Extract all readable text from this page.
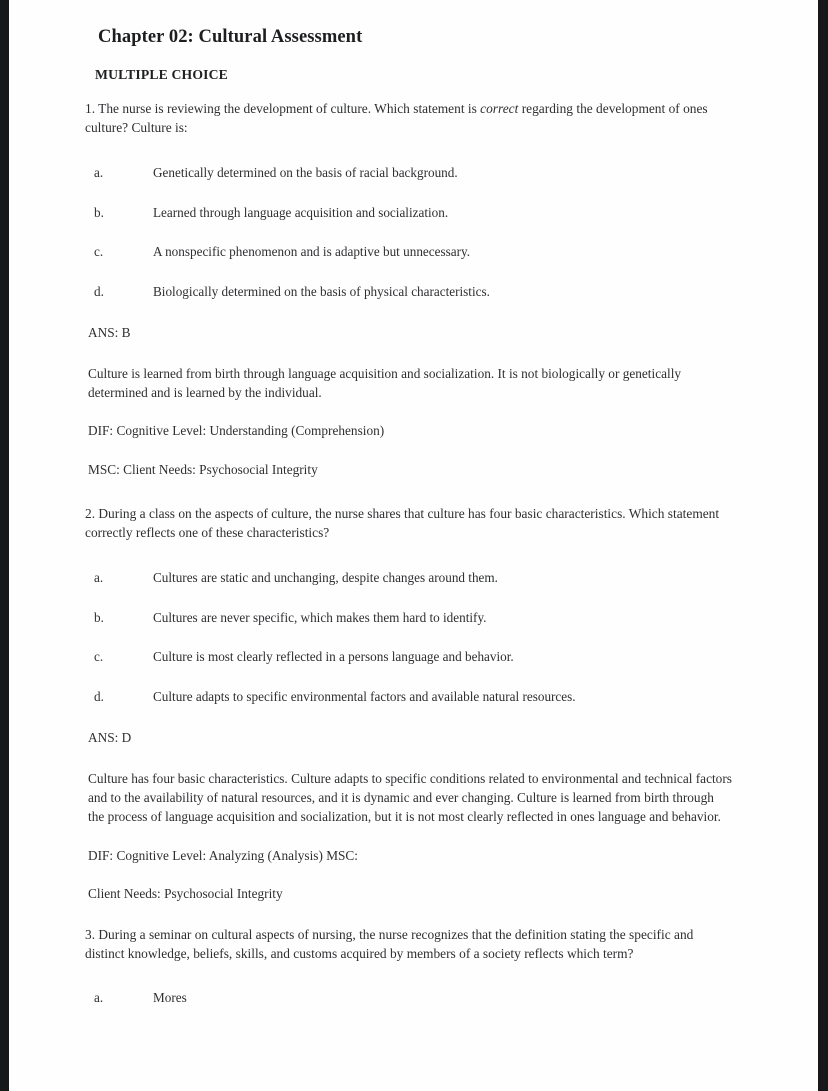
Chapter 02: Cultural Assessment
MULTIPLE CHOICE

1. The nurse is reviewing the development of culture. Which statement is correct regarding the development of ones culture? Culture is:

a.	Genetically determined on the basis of racial background.
b.	Learned through language acquisition and socialization.
c.	A nonspecific phenomenon and is adaptive but unnecessary.
d.	Biologically determined on the basis of physical characteristics.

ANS: B

Culture is learned from birth through language acquisition and socialization. It is not biologically or genetically determined and is learned by the individual.

DIF: Cognitive Level: Understanding (Comprehension)

MSC: Client Needs: Psychosocial Integrity

2. During a class on the aspects of culture, the nurse shares that culture has four basic characteristics. Which statement correctly reflects one of these characteristics?

a.	Cultures are static and unchanging, despite changes around them.
b.	Cultures are never specific, which makes them hard to identify.
c.	Culture is most clearly reflected in a persons language and behavior.
d.	Culture adapts to specific environmental factors and available natural resources.

ANS: D

Culture has four basic characteristics. Culture adapts to specific conditions related to environmental and technical factors and to the availability of natural resources, and it is dynamic and ever changing. Culture is learned from birth through the process of language acquisition and socialization, but it is not most clearly reflected in ones language and behavior.

DIF: Cognitive Level: Analyzing (Analysis) MSC:

Client Needs: Psychosocial Integrity

3. During a seminar on cultural aspects of nursing, the nurse recognizes that the definition stating the specific and distinct knowledge, beliefs, skills, and customs acquired by members of a society reflects which term?

a.	Mores
